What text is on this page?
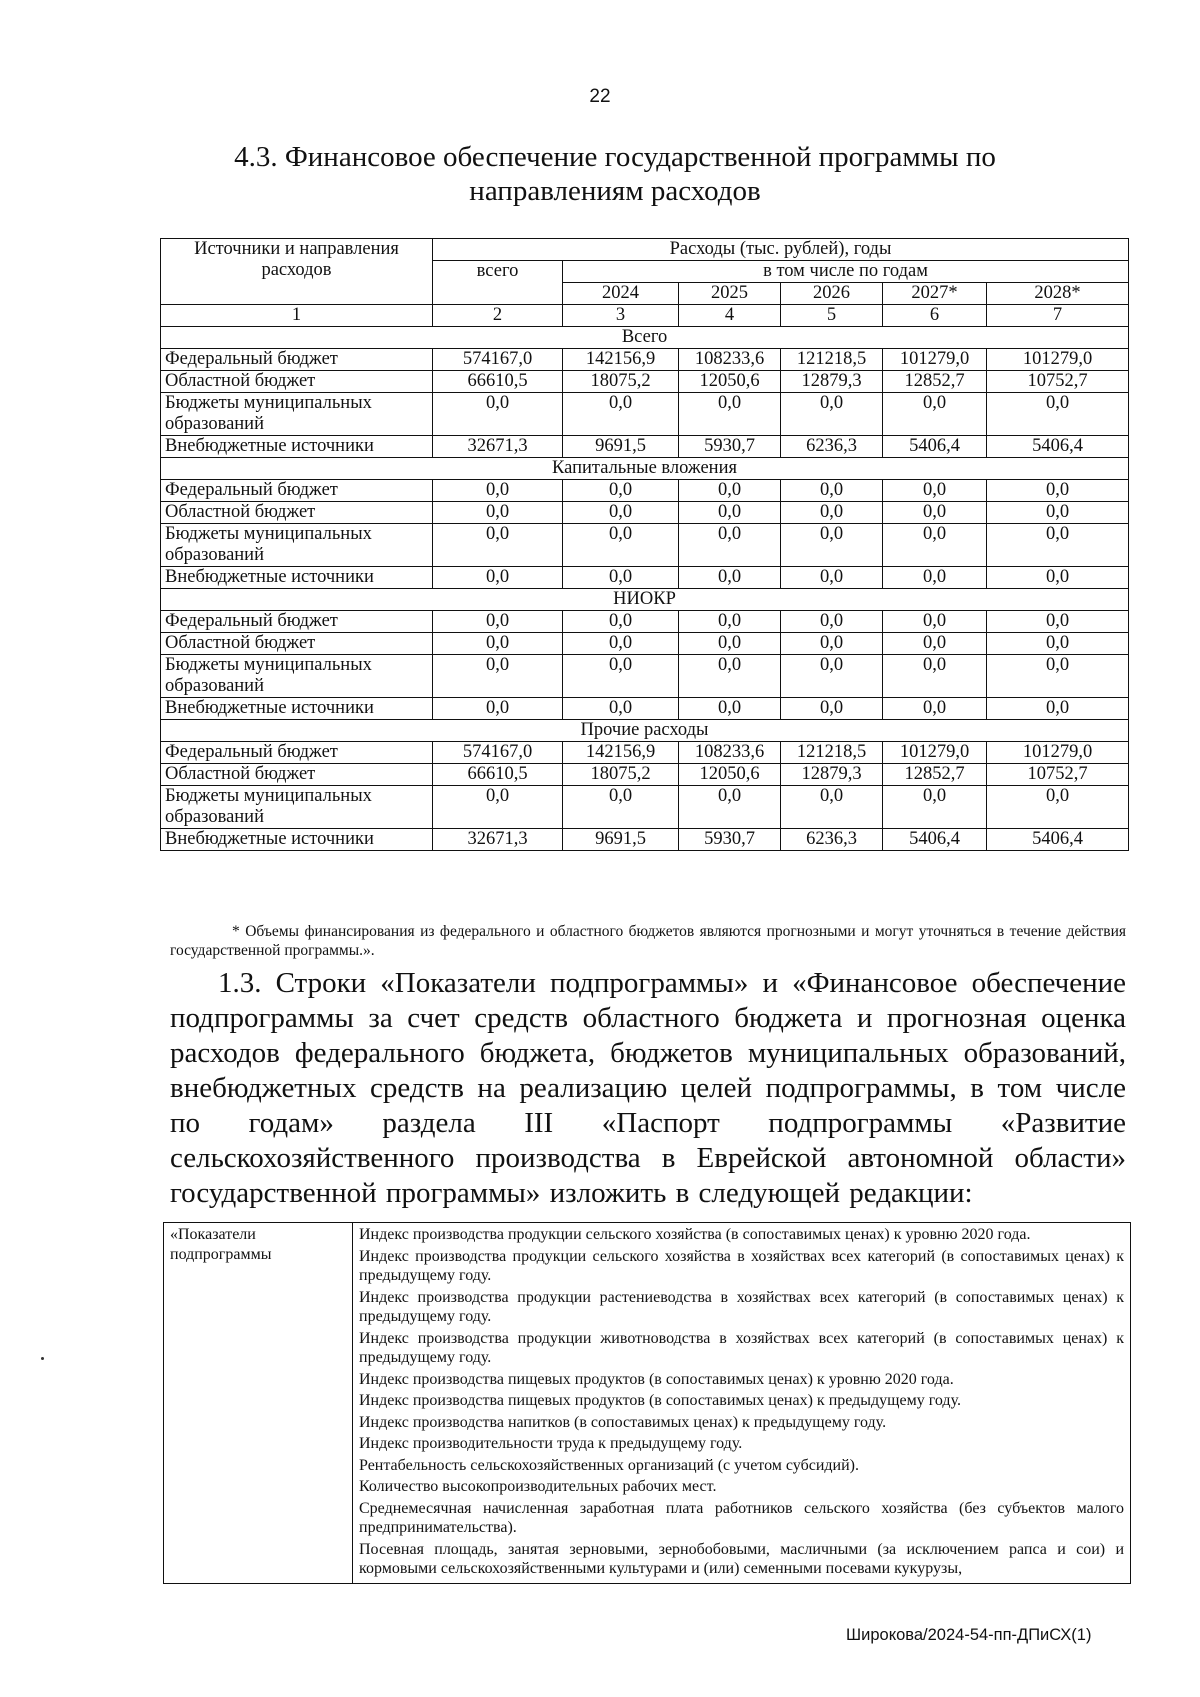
22
4.3. Финансовое обеспечение государственной программы по направлениям расходов
Источники и направления расходов	Расходы (тыс. рублей), годы					
	всего	в том числе по годам				
		2024	2025	2026	2027*	2028*
1	2	3	4	5	6	7
Всего						
Федеральный бюджет	574167,0	142156,9	108233,6	121218,5	101279,0	101279,0
Областной бюджет	66610,5	18075,2	12050,6	12879,3	12852,7	10752,7
Бюджеты муниципальных образований	0,0	0,0	0,0	0,0	0,0	0,0
Внебюджетные источники	32671,3	9691,5	5930,7	6236,3	5406,4	5406,4
Капитальные вложения						
Федеральный бюджет	0,0	0,0	0,0	0,0	0,0	0,0
Областной бюджет	0,0	0,0	0,0	0,0	0,0	0,0
Бюджеты муниципальных образований	0,0	0,0	0,0	0,0	0,0	0,0
Внебюджетные источники	0,0	0,0	0,0	0,0	0,0	0,0
НИОКР						
Федеральный бюджет	0,0	0,0	0,0	0,0	0,0	0,0
Областной бюджет	0,0	0,0	0,0	0,0	0,0	0,0
Бюджеты муниципальных образований	0,0	0,0	0,0	0,0	0,0	0,0
Внебюджетные источники	0,0	0,0	0,0	0,0	0,0	0,0
Прочие расходы						
Федеральный бюджет	574167,0	142156,9	108233,6	121218,5	101279,0	101279,0
Областной бюджет	66610,5	18075,2	12050,6	12879,3	12852,7	10752,7
Бюджеты муниципальных образований	0,0	0,0	0,0	0,0	0,0	0,0
Внебюджетные источники	32671,3	9691,5	5930,7	6236,3	5406,4	5406,4
* Объемы финансирования из федерального и областного бюджетов являются прогнозными и могут уточняться в течение действия государственной программы.».
1.3. Строки «Показатели подпрограммы» и «Финансовое обеспечение подпрограммы за счет средств областного бюджета и прогнозная оценка расходов федерального бюджета, бюджетов муниципальных образований, внебюджетных средств на реализацию целей подпрограммы, в том числе по годам» раздела III «Паспорт подпрограммы «Развитие сельскохозяйственного производства в Еврейской автономной области» государственной программы» изложить в следующей редакции:
«Показатели подпрограммы	

Индекс производства продукции сельского хозяйства (в сопоставимых ценах) к уровню 2020 года.

Индекс производства продукции сельского хозяйства в хозяйствах всех категорий (в сопоставимых ценах) к предыдущему году.

Индекс производства продукции растениеводства в хозяйствах всех категорий (в сопоставимых ценах) к предыдущему году.

Индекс производства продукции животноводства в хозяйствах всех категорий (в сопоставимых ценах) к предыдущему году.

Индекс производства пищевых продуктов (в сопоставимых ценах) к уровню 2020 года.

Индекс производства пищевых продуктов (в сопоставимых ценах) к предыдущему году.

Индекс производства напитков (в сопоставимых ценах) к предыдущему году.

Индекс производительности труда к предыдущему году.

Рентабельность сельскохозяйственных организаций (с учетом субсидий).

Количество высокопроизводительных рабочих мест.

Среднемесячная начисленная заработная плата работников сельского хозяйства (без субъектов малого предпринимательства).

Посевная площадь, занятая зерновыми, зернобобовыми, масличными (за исключением рапса и сои) и кормовыми сельскохозяйственными культурами и (или) семенными посевами кукурузы,

Широкова/2024-54-пп-ДПиСХ(1)
